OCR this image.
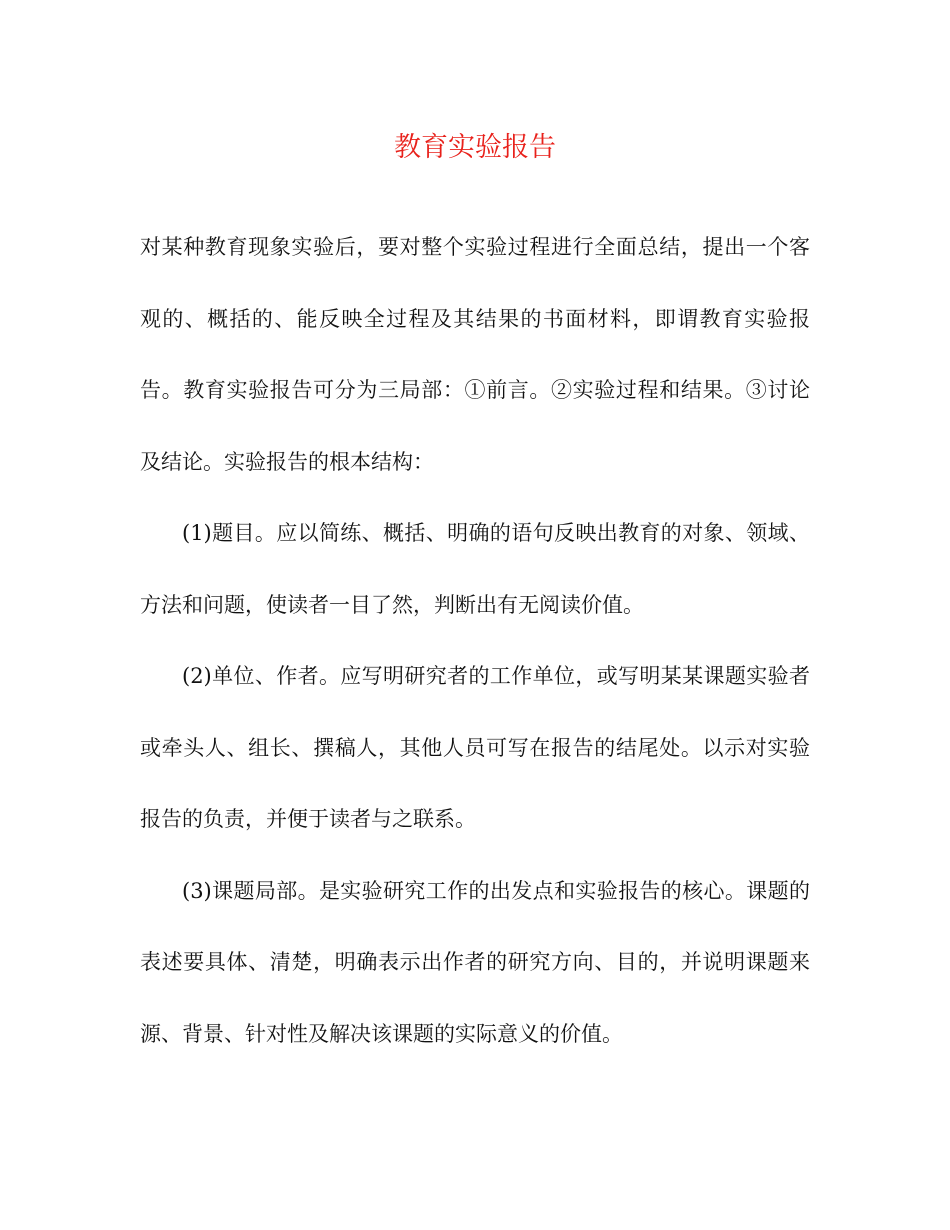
教育实验报告

对某种教育现象实验后，要对整个实验过程进行全面总结，提出一个客观的、概括的、能反映全过程及其结果的书面材料，即谓教育实验报告。教育实验报告可分为三局部：①前言。②实验过程和结果。③讨论及结论。实验报告的根本结构：

(1)题目。应以简练、概括、明确的语句反映出教育的对象、领域、方法和问题，使读者一目了然，判断出有无阅读价值。

(2)单位、作者。应写明研究者的工作单位，或写明某某课题实验者或牵头人、组长、撰稿人，其他人员可写在报告的结尾处。以示对实验报告的负责，并便于读者与之联系。

(3)课题局部。是实验研究工作的出发点和实验报告的核心。课题的表述要具体、清楚，明确表示出作者的研究方向、目的，并说明课题来源、背景、针对性及解决该课题的实际意义的价值。
